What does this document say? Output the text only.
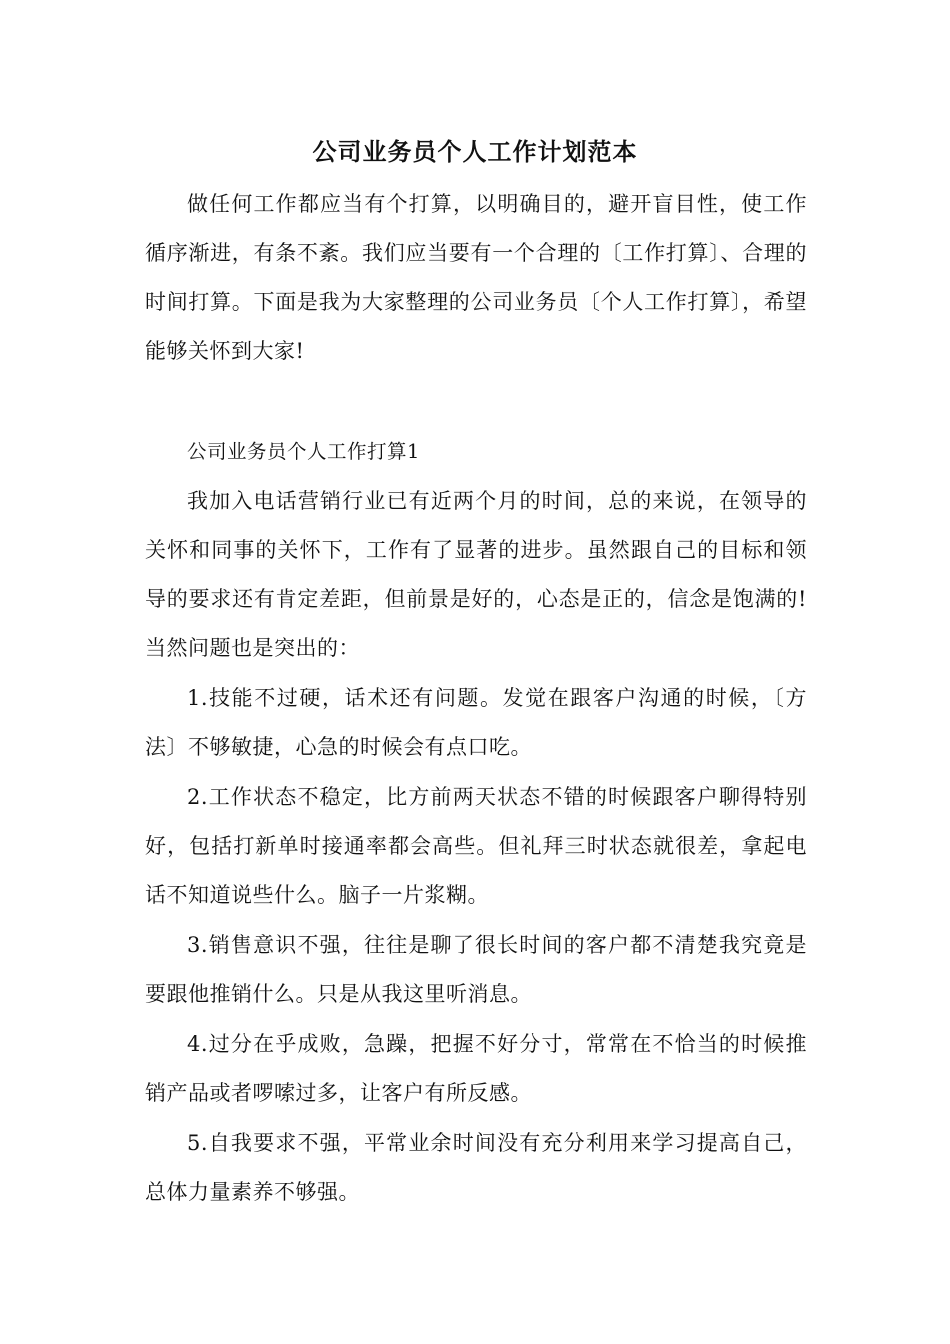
公司业务员个人工作计划范本

做任何工作都应当有个打算，以明确目的，避开盲目性，使工作循序渐进，有条不紊。我们应当要有一个合理的〔工作打算〕、合理的时间打算。下面是我为大家整理的公司业务员〔个人工作打算〕，希望能够关怀到大家!

公司业务员个人工作打算1

我加入电话营销行业已有近两个月的时间，总的来说，在领导的关怀和同事的关怀下，工作有了显著的进步。虽然跟自己的目标和领导的要求还有肯定差距，但前景是好的，心态是正的，信念是饱满的!当然问题也是突出的：

1.技能不过硬，话术还有问题。发觉在跟客户沟通的时候，〔方法〕不够敏捷，心急的时候会有点口吃。

2.工作状态不稳定，比方前两天状态不错的时候跟客户聊得特别好，包括打新单时接通率都会高些。但礼拜三时状态就很差，拿起电话不知道说些什么。脑子一片浆糊。

3.销售意识不强，往往是聊了很长时间的客户都不清楚我究竟是要跟他推销什么。只是从我这里听消息。

4.过分在乎成败，急躁，把握不好分寸，常常在不恰当的时候推销产品或者啰嗦过多，让客户有所反感。

5.自我要求不强，平常业余时间没有充分利用来学习提高自己，总体力量素养不够强。
